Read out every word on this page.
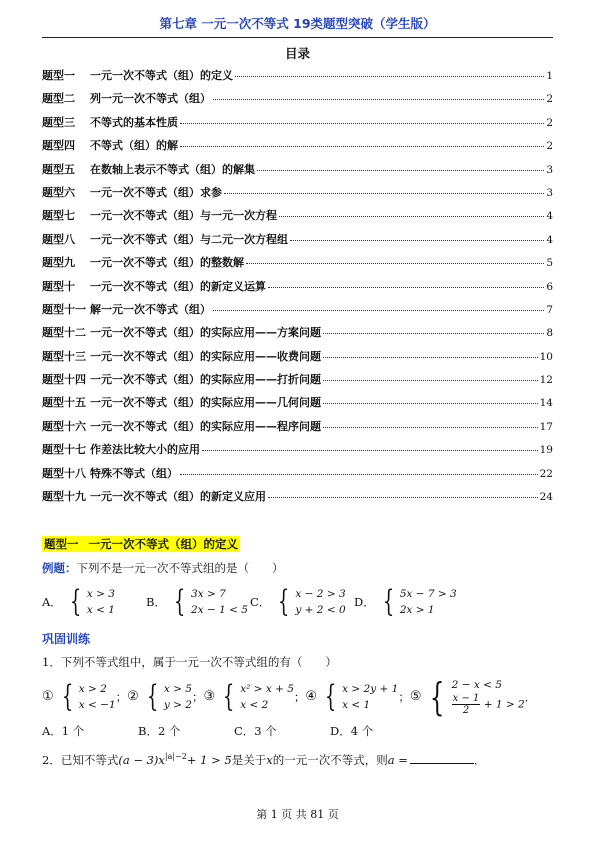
第七章 一元一次不等式 19类题型突破（学生版）
目录
题型一	一元一次不等式（组）的定义	1
题型二	列一元一次不等式（组）	2
题型三	不等式的基本性质	2
题型四	不等式（组）的解	2
题型五	在数轴上表示不等式（组）的解集	3
题型六	一元一次不等式（组）求参	3
题型七	一元一次不等式（组）与一元一次方程	4
题型八	一元一次不等式（组）与二元一次方程组	4
题型九	一元一次不等式（组）的整数解	5
题型十	一元一次不等式（组）的新定义运算	6
题型十一 解一元一次不等式（组）	7
题型十二 一元一次不等式（组）的实际应用——方案问题	8
题型十三 一元一次不等式（组）的实际应用——收费问题	10
题型十四 一元一次不等式（组）的实际应用——打折问题	12
题型十五 一元一次不等式（组）的实际应用——几何问题	14
题型十六 一元一次不等式（组）的实际应用——程序问题	17
题型十七 作差法比较大小的应用	19
题型十八 特殊不等式（组）	22
题型十九 一元一次不等式（组）的新定义应用	24
题型一 一元一次不等式（组）的定义
例题：下列不是一元一次不等式组的是（　　）
A． { x > 3
x < 1
B． { 3x > 7
2x − 1 < 5
C． { x − 2 > 3
y + 2 < 0
D． { 5x − 7 > 3
2x > 1
巩固训练
1．下列不等式组中，属于一元一次不等式组的有（　　）
① { x > 2
x < −1
； ② { x > 5
y > 2
； ③ { x² > x + 5
x < 2
； ④ { x > 2y + 1
x < 1
； ⑤ { 2 − x < 5
$\frac{x - 1}{2} + 1 > 2$
．
A．1 个	B．2 个	C．3 个	D．4 个
2．已知不等式$(a - 3)x^{|a|-2}+ 1 > 5$是关于x的一元一次不等式，则a =	．
第 1 页 共 81 页
